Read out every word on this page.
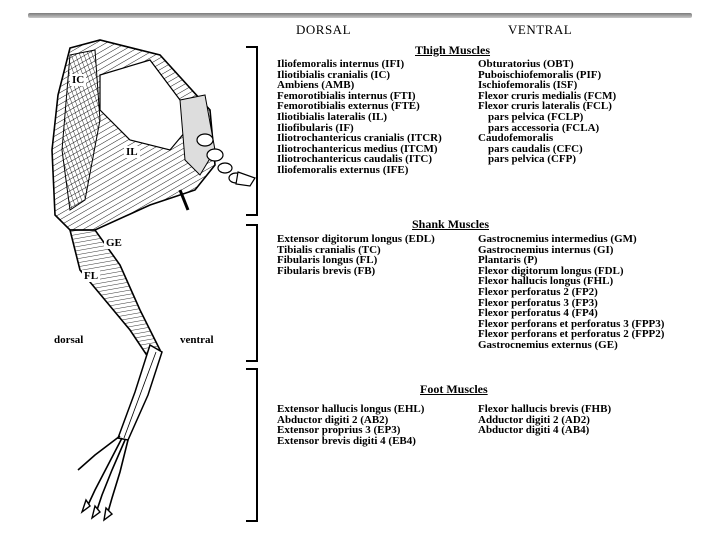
DORSAL	VENTRAL
IC
IL
GE
FL
dorsal	ventral
Thigh Muscles
Iliofemoralis internus (IFI)
Iliotibialis cranialis (IC)
Ambiens (AMB)
Femorotibialis internus (FTI)
Femorotibialis externus (FTE)
Iliotibialis lateralis (IL)
Iliofibularis (IF)
Iliotrochantericus cranialis (ITCR)
Iliotrochantericus medius (ITCM)
Iliotrochantericus caudalis (ITC)
Iliofemoralis externus (IFE)
Obturatorius (OBT)
Puboischiofemoralis (PIF)
Ischiofemoralis (ISF)
Flexor cruris medialis (FCM)
Flexor cruris lateralis (FCL)
pars pelvica (FCLP)
pars accessoria (FCLA)
Caudofemoralis
pars caudalis (CFC)
pars pelvica (CFP)
Shank Muscles
Extensor digitorum longus (EDL)
Tibialis cranialis (TC)
Fibularis longus (FL)
Fibularis brevis (FB)
Gastrocnemius intermedius (GM)
Gastrocnemius internus (GI)
Plantaris (P)
Flexor digitorum longus (FDL)
Flexor hallucis longus (FHL)
Flexor perforatus 2 (FP2)
Flexor perforatus 3 (FP3)
Flexor perforatus 4 (FP4)
Flexor perforans et perforatus 3 (FPP3)
Flexor perforans et perforatus 2 (FPP2)
Gastrocnemius externus (GE)
Foot Muscles
Extensor hallucis longus (EHL)
Abductor digiti 2 (AB2)
Extensor proprius 3 (EP3)
Extensor brevis digiti 4 (EB4)
Flexor hallucis brevis (FHB)
Adductor digiti 2 (AD2)
Abductor digiti 4 (AB4)
